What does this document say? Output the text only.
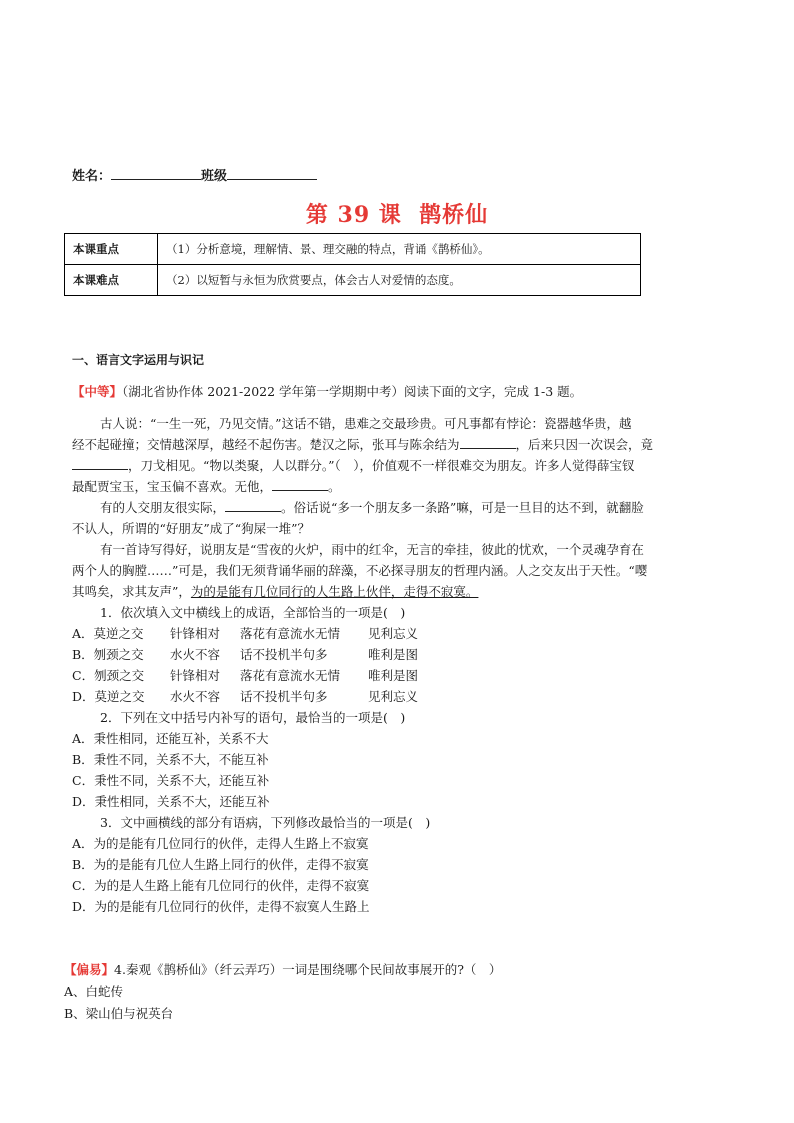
姓名：	班级
第 39 课 鹊桥仙
本课重点	（1）分析意境，理解情、景、理交融的特点，背诵《鹊桥仙》。
本课难点	（2）以短暂与永恒为欣赏要点，体会古人对爱情的态度。
一、语言文字运用与识记
【中等】（湖北省协作体 2021-2022 学年第一学期期中考）阅读下面的文字，完成 1-3 题。
古人说：“一生一死，乃见交情。”这话不错，患难之交最珍贵。可凡事都有悖论：瓷器越华贵，越
经不起碰撞；交情越深厚，越经不起伤害。楚汉之际，张耳与陈余结为	，后来只因一次误会，竟
，刀戈相见。“物以类聚，人以群分。”（　），价值观不一样很难交为朋友。许多人觉得薛宝钗
最配贾宝玉，宝玉偏不喜欢。无他，	。
有的人交朋友很实际，	。俗话说“多一个朋友多一条路”嘛，可是一旦目的达不到，就翻脸
不认人，所谓的“好朋友”成了“狗屎一堆”？
有一首诗写得好，说朋友是“雪夜的火炉，雨中的红伞，无言的牵挂，彼此的忧欢，一个灵魂孕育在
两个人的胸膛……”可是，我们无须背诵华丽的辞藻，不必探寻朋友的哲理内涵。人之交友出于天性。“嘤
其鸣矣，求其友声”，为的是能有几位同行的人生路上伙伴，走得不寂寞。
1．依次填入文中横线上的成语，全部恰当的一项是(　)
A．莫逆之交 针锋相对 落花有意流水无情 见利忘义
B．刎颈之交 水火不容 话不投机半句多	唯利是图
C．刎颈之交 针锋相对 落花有意流水无情 唯利是图
D．莫逆之交 水火不容 话不投机半句多	见利忘义
2．下列在文中括号内补写的语句，最恰当的一项是(　)
A．秉性相同，还能互补，关系不大
B．秉性不同，关系不大，不能互补
C．秉性不同，关系不大，还能互补
D．秉性相同，关系不大，还能互补
3．文中画横线的部分有语病，下列修改最恰当的一项是(　)
A．为的是能有几位同行的伙伴，走得人生路上不寂寞
B．为的是能有几位人生路上同行的伙伴，走得不寂寞
C．为的是人生路上能有几位同行的伙伴，走得不寂寞
D．为的是能有几位同行的伙伴，走得不寂寞人生路上
【偏易】4.秦观《鹊桥仙》（纤云弄巧）一词是围绕哪个民间故事展开的?（　）
A、白蛇传
B、梁山伯与祝英台
